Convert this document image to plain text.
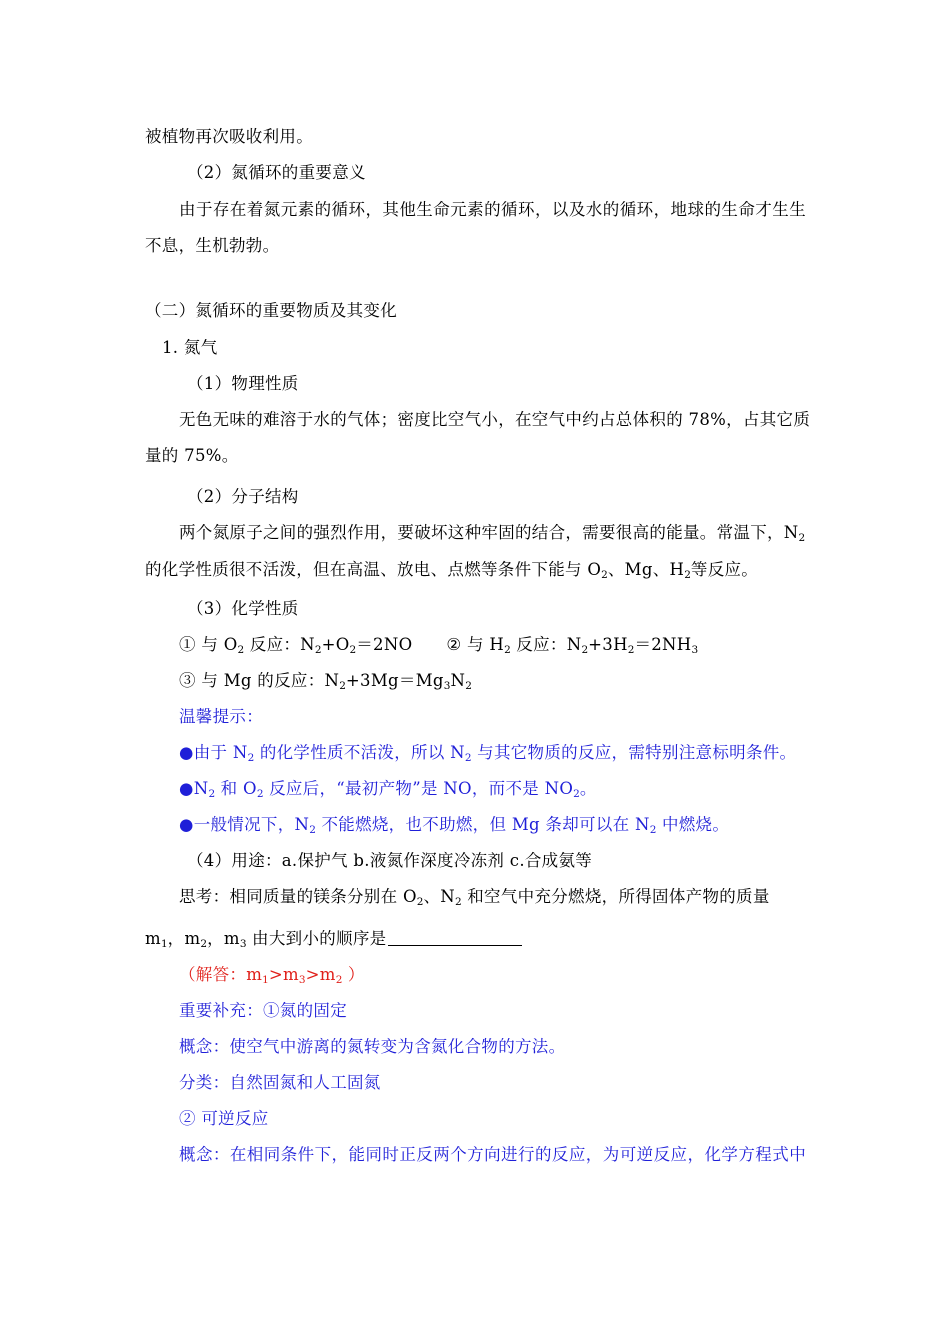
被植物再次吸收利用。
（2）氮循环的重要意义
由于存在着氮元素的循环，其他生命元素的循环，以及水的循环，地球的生命才生生
不息，生机勃勃。
（二）氮循环的重要物质及其变化
1. 氮气
（1）物理性质
无色无味的难溶于水的气体；密度比空气小，在空气中约占总体积的 78%，占其它质
量的 75%。
（2）分子结构
两个氮原子之间的强烈作用，要破坏这种牢固的结合，需要很高的能量。常温下，$N_2$
的化学性质很不活泼，但在高温、放电、点燃等条件下能与 $O_2$、Mg、$H_2$等反应。
（3）化学性质
① 与 $O_2$ 反应：$N_2+O_2=2NO$ ② 与 $H_2$ 反应：$N_2+3H_2=2NH_3$
③ 与 Mg 的反应：$N_2+3Mg=Mg_3N_2$
温馨提示：
●由于 $N_2$ 的化学性质不活泼，所以 $N_2$ 与其它物质的反应，需特别注意标明条件。
$●N_2$ 和 $O_2$ 反应后，“最初产物”是 NO，而不是 $NO_2$。
●一般情况下，$N_2$ 不能燃烧，也不助燃，但 Mg 条却可以在 $N_2$ 中燃烧。
（4）用途：a.保护气 b.液氮作深度冷冻剂 c.合成氨等
思考：相同质量的镁条分别在 $O_2$、$N_2$ 和空气中充分燃烧，所得固体产物的质量
$m_1$，$m_2$，$m_3$ 由大到小的顺序是
（解答：$m_1>m_3>m_2$ ）
重要补充：①氮的固定
概念：使空气中游离的氮转变为含氮化合物的方法。
分类：自然固氮和人工固氮
② 可逆反应
概念：在相同条件下，能同时正反两个方向进行的反应，为可逆反应，化学方程式中
